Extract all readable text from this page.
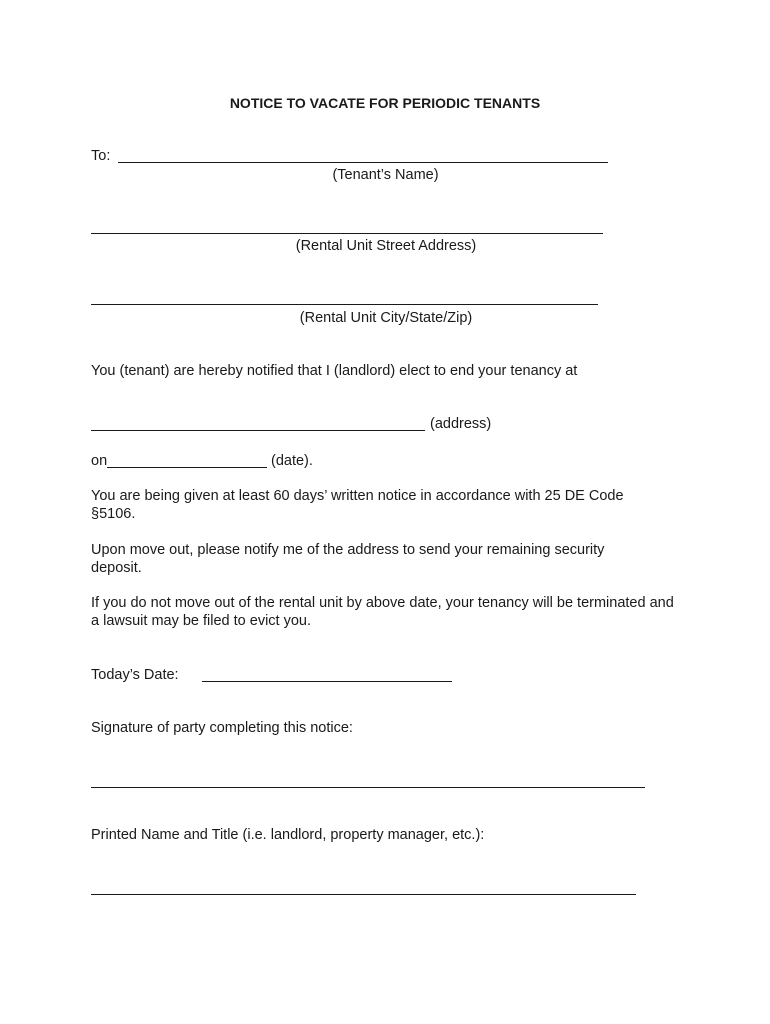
NOTICE TO VACATE FOR PERIODIC TENANTS
To:
(Tenant’s Name)
(Rental Unit Street Address)
(Rental Unit City/State/Zip)
You (tenant) are hereby notified that I (landlord) elect to end your tenancy at
(address)
on	(date).
You are being given at least 60 days’ written notice in accordance with 25 DE Code §5106.
Upon move out, please notify me of the address to send your remaining security deposit.
If you do not move out of the rental unit by above date, your tenancy will be terminated and a lawsuit may be filed to evict you.
Today’s Date:
Signature of party completing this notice:
Printed Name and Title (i.e. landlord, property manager, etc.):
